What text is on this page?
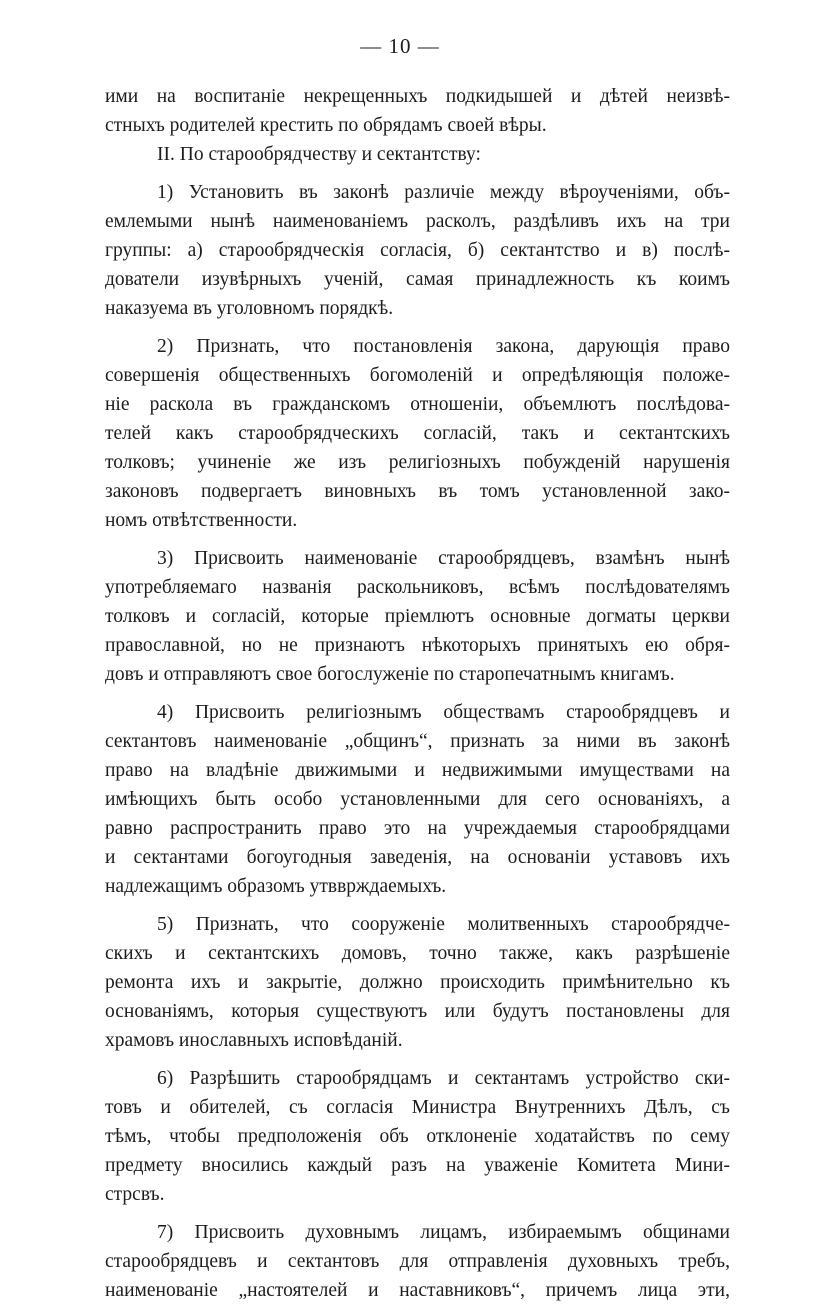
— 10 —
ими на воспитаніе некрещенныхъ подкидышей и дѣтей неизвѣ-
стныхъ родителей крестить по обрядамъ своей вѣры.
II. По старообрядчеству и сектантству:
1) Установить въ законѣ различіе между вѣроученіями, объ-
емлемыми нынѣ наименованіемъ расколъ, раздѣливъ ихъ на три
группы: а) старообрядческія согласія, б) сектантство и в) послѣ-
дователи изувѣрныхъ ученій, самая принадлежность къ коимъ
наказуема въ уголовномъ порядкѣ.
2) Признать, что постановленія закона, дарующія право
совершенія общественныхъ богомоленій и опредѣляющія положе-
ніе раскола въ гражданскомъ отношеніи, объемлютъ послѣдова-
телей какъ старообрядческихъ согласій, такъ и сектантскихъ
толковъ; учиненіе же изъ религіозныхъ побужденій нарушенія
законовъ подвергаетъ виновныхъ въ томъ установленной зако-
номъ отвѣтственности.
3) Присвоить наименованіе старообрядцевъ, взамѣнъ нынѣ
употребляемаго названія раскольниковъ, всѣмъ послѣдователямъ
толковъ и согласій, которые пріемлютъ основные догматы церкви
православной, но не признаютъ нѣкоторыхъ принятыхъ ею обря-
довъ и отправляютъ свое богослуженіе по старопечатнымъ книгамъ.
4) Присвоить религіознымъ обществамъ старообрядцевъ и
сектантовъ наименованіе „общинъ“, признать за ними въ законѣ
право на владѣніе движимыми и недвижимыми имуществами на
имѣющихъ быть особо установленными для сего основаніяхъ, а
равно распространить право это на учреждаемыя старообрядцами
и сектантами богоугодныя заведенія, на основаніи уставовъ ихъ
надлежащимъ образомъ утвврждаемыхъ.
5) Признать, что сооруженіе молитвенныхъ старообрядче-
скихъ и сектантскихъ домовъ, точно также, какъ разрѣшеніе
ремонта ихъ и закрытіе, должно происходить примѣнительно къ
основаніямъ, которыя существуютъ или будутъ постановлены для
храмовъ инославныхъ исповѣданій.
6) Разрѣшить старообрядцамъ и сектантамъ устройство ски-
товъ и обителей, съ согласія Министра Внутреннихъ Дѣлъ, съ
тѣмъ, чтобы предположенія объ отклоненіе ходатайствъ по сему
предмету вносились каждый разъ на уваженіе Комитета Мини-
стрсвъ.
7) Присвоить духовнымъ лицамъ, избираемымъ общинами
старообрядцевъ и сектантовъ для отправленія духовныхъ требъ,
наименованіе „настоятелей и наставниковъ“, причемъ лица эти,
